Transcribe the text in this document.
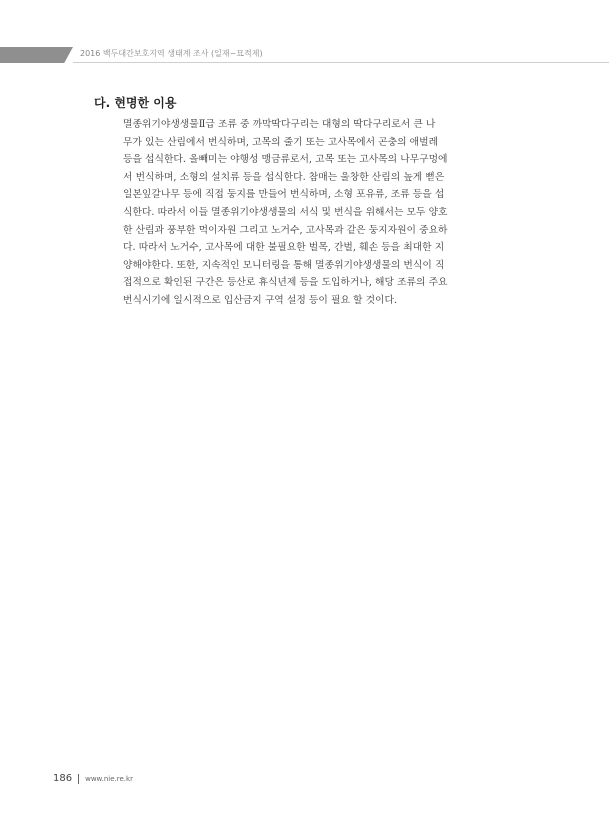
2016 백두대간보호지역 생태계 조사 (일재~묘적제)
다. 현명한 이용
멸종위기야생생물Ⅱ급 조류 중 까막딱다구리는 대형의 딱다구리로서 큰 나
무가 있는 산림에서 번식하며, 고목의 줄기 또는 고사목에서 곤충의 애벌레
등을 섭식한다. 올빼미는 야행성 맹금류로서, 고목 또는 고사목의 나무구멍에
서 번식하며, 소형의 설치류 등을 섭식한다. 참매는 울창한 산림의 높게 뻗은
일본잎갈나무 등에 직접 둥지를 만들어 번식하며, 소형 포유류, 조류 등을 섭
식한다. 따라서 이들 멸종위기야생생물의 서식 및 번식을 위해서는 모두 양호
한 산림과 풍부한 먹이자원 그리고 노거수, 고사목과 같은 둥지자원이 중요하
다. 따라서 노거수, 고사목에 대한 불필요한 벌목, 간벌, 훼손 등을 최대한 지
양해야한다. 또한, 지속적인 모니터링을 통해 멸종위기야생생물의 번식이 직
접적으로 확인된 구간은 등산로 휴식년제 등을 도입하거나, 해당 조류의 주요
번식시기에 일시적으로 입산금지 구역 설정 등이 필요 할 것이다.
186 www.nie.re.kr
